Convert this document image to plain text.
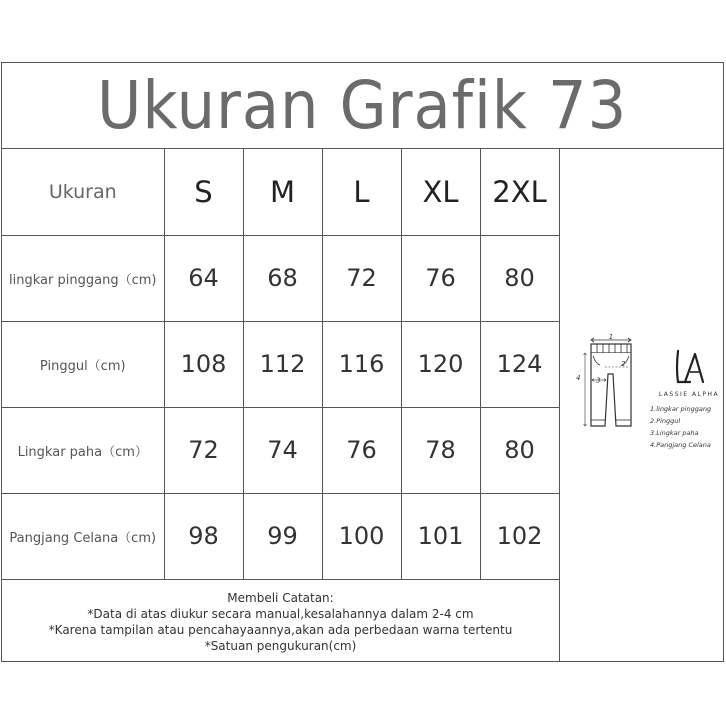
Ukuran Grafik 73
Ukuran	S	M	L	XL	2XL
lingkar pinggang（cm)	64	68	72	76	80
Pinggul（cm)	108	112	116	120	124
Lingkar paha（cm）	72	74	76	78	80
Pangjang Celana（cm)	98	99	100	101	102
Membeli Catatan:
*Data di atas diukur secara manual,kesalahannya dalam 2-4 cm
*Karena tampilan atau pencahayaannya,akan ada perbedaan warna tertentu
*Satuan pengukuran(cm)
1
2
3
4
LASSIE ALPHA
1.lingkar pinggang
2.Pinggul
3.Lingkar paha
4.Pangjang Celana
